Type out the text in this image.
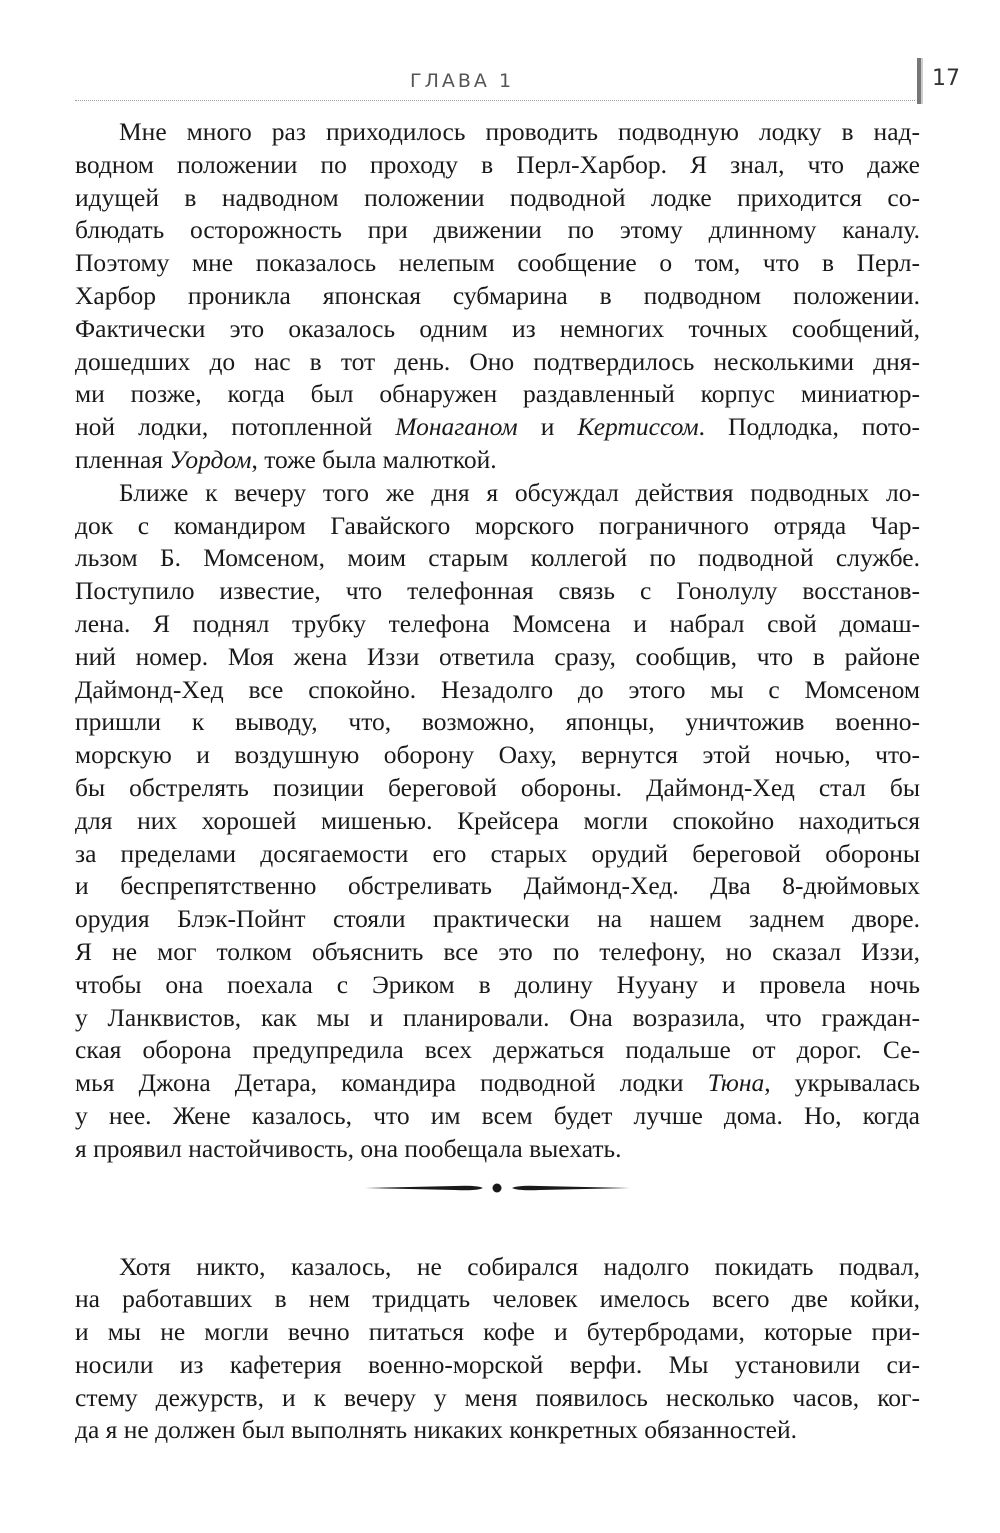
ГЛАВА 1	17

Мне много раз приходилось проводить подводную лодку в над-
водном положении по проходу в Перл-Харбор. Я знал, что даже
идущей в надводном положении подводной лодке приходится со-
блюдать осторожность при движении по этому длинному каналу.
Поэтому мне показалось нелепым сообщение о том, что в Перл-
Харбор проникла японская субмарина в подводном положении.
Фактически это оказалось одним из немногих точных сообщений,
дошедших до нас в тот день. Оно подтвердилось несколькими дня-
ми позже, когда был обнаружен раздавленный корпус миниатюр-
ной лодки, потопленной Монаганом и Кертиссом. Подлодка, пото-
пленная Уордом, тоже была малюткой.

Ближе к вечеру того же дня я обсуждал действия подводных ло-
док с командиром Гавайского морского пограничного отряда Чар-
льзом Б. Момсеном, моим старым коллегой по подводной службе.
Поступило известие, что телефонная связь с Гонолулу восстанов-
лена. Я поднял трубку телефона Момсена и набрал свой домаш-
ний номер. Моя жена Иззи ответила сразу, сообщив, что в районе
Даймонд-Хед все спокойно. Незадолго до этого мы с Момсеном
пришли к выводу, что, возможно, японцы, уничтожив военно-
морскую и воздушную оборону Оаху, вернутся этой ночью, что-
бы обстрелять позиции береговой обороны. Даймонд-Хед стал бы
для них хорошей мишенью. Крейсера могли спокойно находиться
за пределами досягаемости его старых орудий береговой обороны
и беспрепятственно обстреливать Даймонд-Хед. Два 8-дюймовых
орудия Блэк-Пойнт стояли практически на нашем заднем дворе.
Я не мог толком объяснить все это по телефону, но сказал Иззи,
чтобы она поехала с Эриком в долину Нууану и провела ночь
у Ланквистов, как мы и планировали. Она возразила, что граждан-
ская оборона предупредила всех держаться подальше от дорог. Се-
мья Джона Детара, командира подводной лодки Тюна, укрывалась
у нее. Жене казалось, что им всем будет лучше дома. Но, когда
я проявил настойчивость, она пообещала выехать.

Хотя никто, казалось, не собирался надолго покидать подвал,
на работавших в нем тридцать человек имелось всего две койки,
и мы не могли вечно питаться кофе и бутербродами, которые при-
носили из кафетерия военно-морской верфи. Мы установили си-
стему дежурств, и к вечеру у меня появилось несколько часов, ког-
да я не должен был выполнять никаких конкретных обязанностей.
